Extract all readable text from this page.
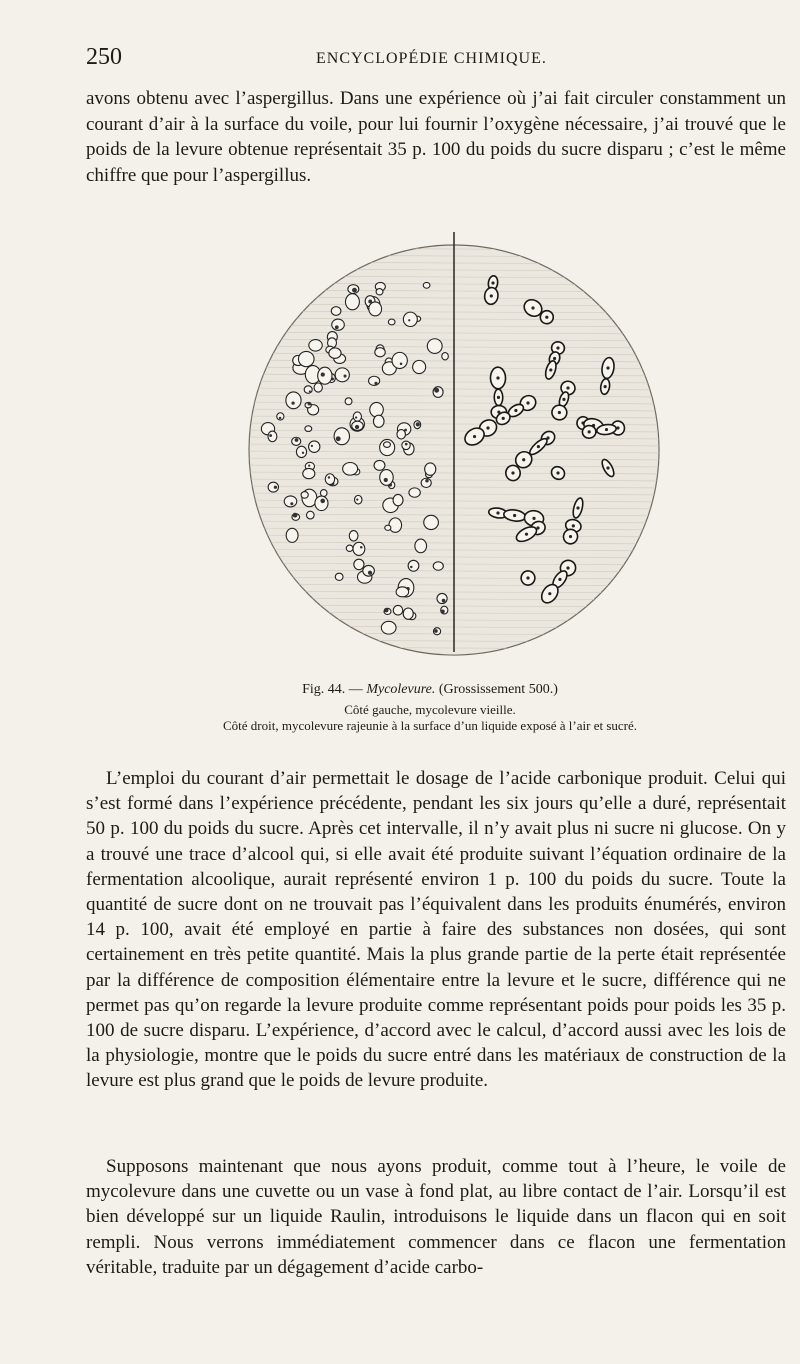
250	ENCYCLOPÉDIE CHIMIQUE.

avons obtenu avec l’aspergillus. Dans une expérience où j’ai fait circuler constamment un courant d’air à la surface du voile, pour lui fournir l’oxygène nécessaire, j’ai trouvé que le poids de la levure obtenue représentait 35 p. 100 du poids du sucre disparu ; c’est le même chiffre que pour l’aspergillus.

Fig. 44. — Mycolevure. (Grossissement 500.)
Côté gauche, mycolevure vieille.
Côté droit, mycolevure rajeunie à la surface d’un liquide exposé à l’air et sucré.

L’emploi du courant d’air permettait le dosage de l’acide carbonique produit. Celui qui s’est formé dans l’expérience précédente, pendant les six jours qu’elle a duré, représentait 50 p. 100 du poids du sucre. Après cet intervalle, il n’y avait plus ni sucre ni glucose. On y a trouvé une trace d’alcool qui, si elle avait été produite suivant l’équation ordinaire de la fermentation alcoolique, aurait représenté environ 1 p. 100 du poids du sucre. Toute la quantité de sucre dont on ne trouvait pas l’équivalent dans les produits énumérés, environ 14 p. 100, avait été employé en partie à faire des substances non dosées, qui sont certainement en très petite quantité. Mais la plus grande partie de la perte était représentée par la différence de composition élémentaire entre la levure et le sucre, différence qui ne permet pas qu’on regarde la levure produite comme représentant poids pour poids les 35 p. 100 de sucre disparu. L’expérience, d’accord avec le calcul, d’accord aussi avec les lois de la physiologie, montre que le poids du sucre entré dans les matériaux de construction de la levure est plus grand que le poids de levure produite.

Supposons maintenant que nous ayons produit, comme tout à l’heure, le voile de mycolevure dans une cuvette ou un vase à fond plat, au libre contact de l’air. Lorsqu’il est bien développé sur un liquide Raulin, introduisons le liquide dans un flacon qui en soit rempli. Nous verrons immédiatement commencer dans ce flacon une fermentation véritable, traduite par un dégagement d’acide carbo-
